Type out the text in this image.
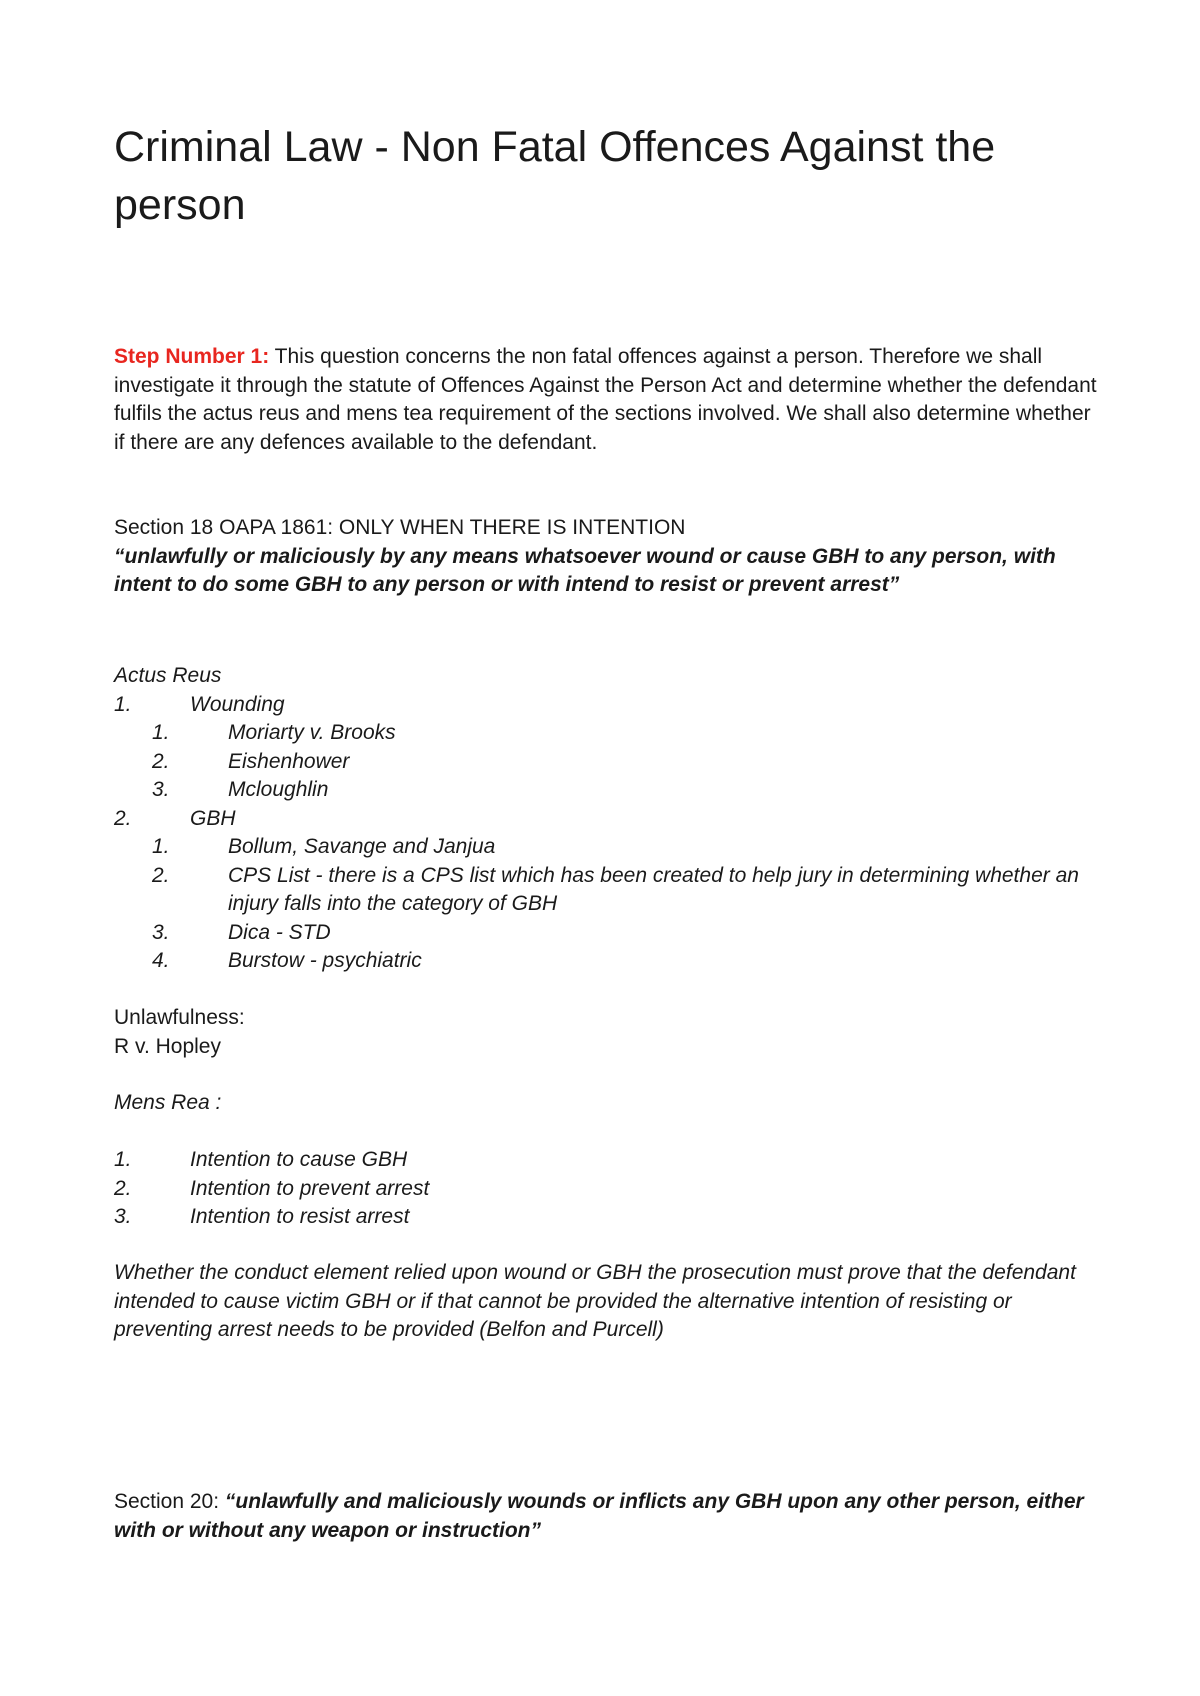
Criminal Law - Non Fatal Offences Against the person

Step Number 1: This question concerns the non fatal offences against a person. Therefore we shall investigate it through the statute of Offences Against the Person Act and determine whether the defendant fulfils the actus reus and mens tea requirement of the sections involved. We shall also determine whether if there are any defences available to the defendant.

Section 18 OAPA 1861: ONLY WHEN THERE IS INTENTION
“unlawfully or maliciously by any means whatsoever wound or cause GBH to any person, with intent to do some GBH to any person or with intend to resist or prevent arrest”

Actus Reus
1.	Wounding
1.	Moriarty v. Brooks
2.	Eishenhower
3.	Mcloughlin
2.	GBH
1.	Bollum, Savange and Janjua
2.	CPS List - there is a CPS list which has been created to help jury in determining whether an injury falls into the category of GBH
3.	Dica - STD
4.	Burstow - psychiatric

Unlawfulness:
R v. Hopley

Mens Rea :
1.	Intention to cause GBH
2.	Intention to prevent arrest
3.	Intention to resist arrest

Whether the conduct element relied upon wound or GBH the prosecution must prove that the defendant intended to cause victim GBH or if that cannot be provided the alternative intention of resisting or preventing arrest needs to be provided (Belfon and Purcell)

Section 20: “unlawfully and maliciously wounds or inflicts any GBH upon any other person, either with or without any weapon or instruction”
